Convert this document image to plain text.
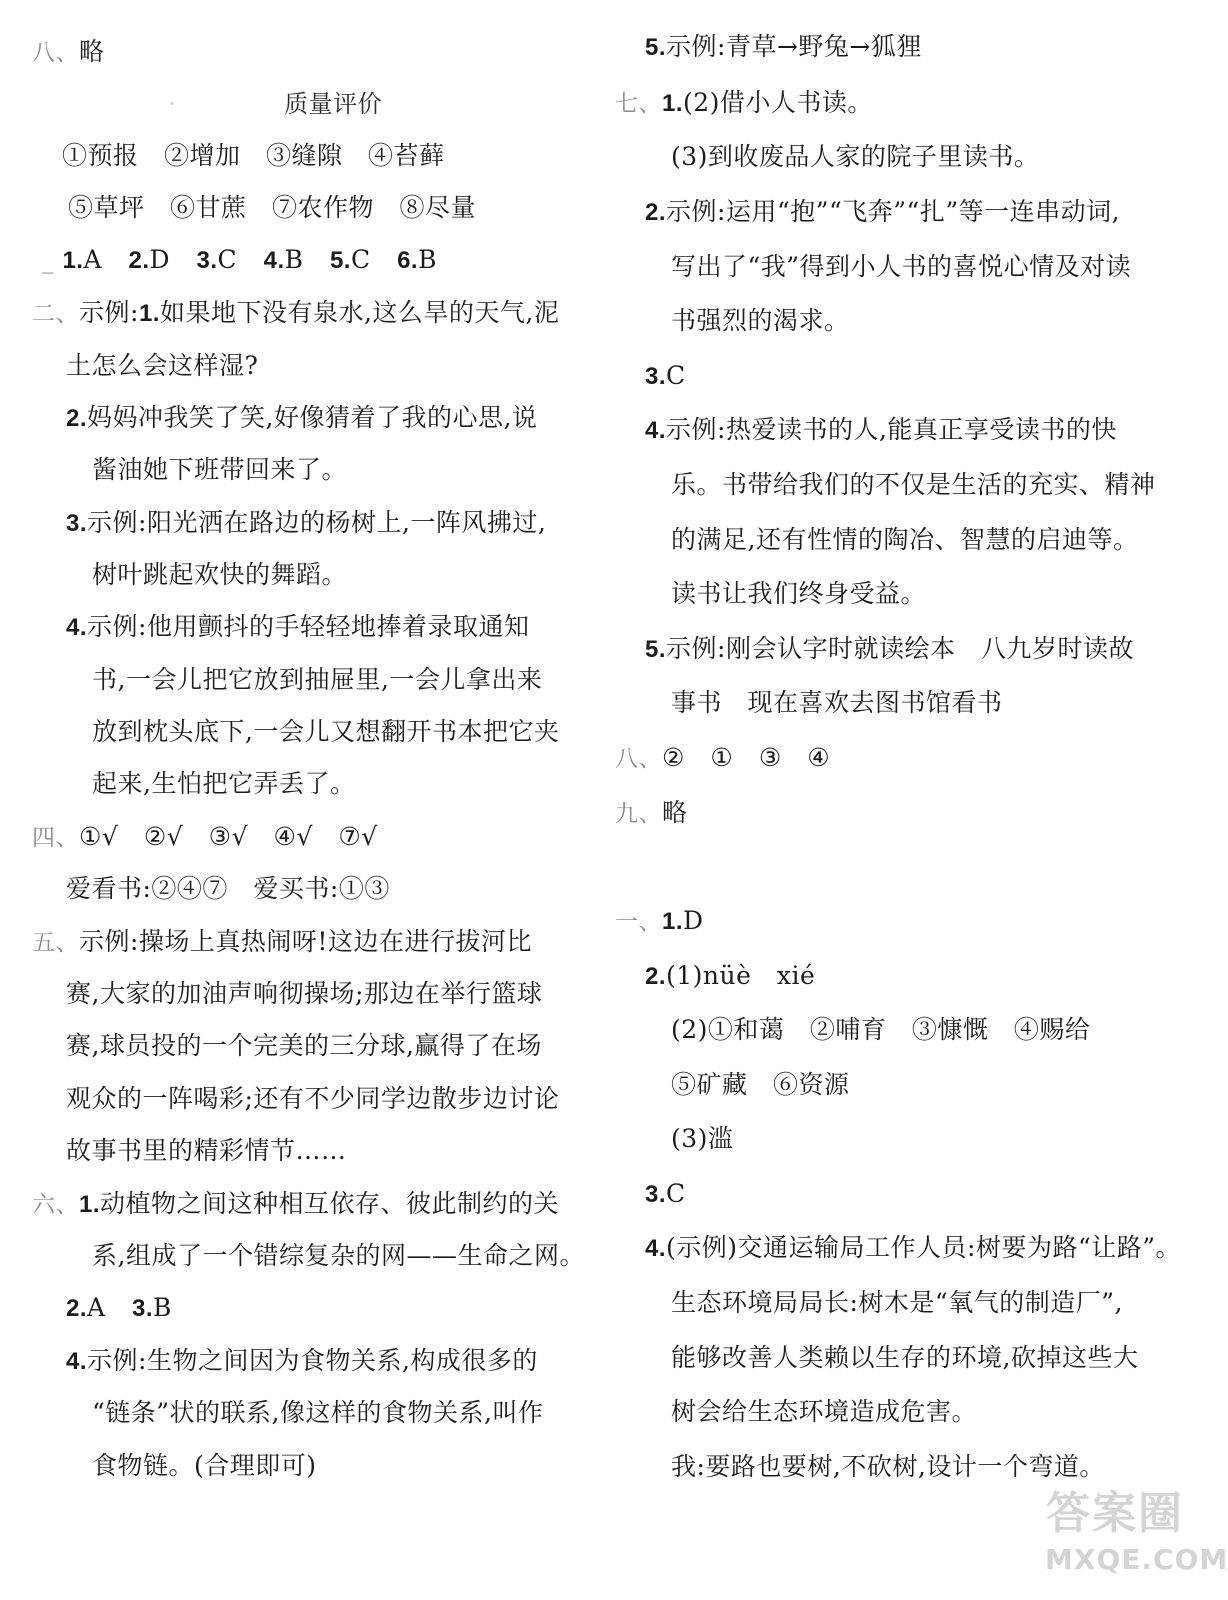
八、略
·	质量评价
①预报　②增加　③缝隙　④苔藓
⑤草坪　⑥甘蔗　⑦农作物　⑧尽量
_ 1.A 2.D 3.C 4.B 5.C 6.B
二、示例:1.如果地下没有泉水,这么旱的天气,泥
土怎么会这样湿?
2.妈妈冲我笑了笑,好像猜着了我的心思,说
酱油她下班带回来了。
3.示例:阳光洒在路边的杨树上,一阵风拂过,
树叶跳起欢快的舞蹈。
4.示例:他用颤抖的手轻轻地捧着录取通知
书,一会儿把它放到抽屉里,一会儿拿出来
放到枕头底下,一会儿又想翻开书本把它夹
起来,生怕把它弄丢了。
四、①√　②√　③√　④√　⑦√
爱看书:②④⑦　爱买书:①③
五、示例:操场上真热闹呀!这边在进行拔河比
赛,大家的加油声响彻操场;那边在举行篮球
赛,球员投的一个完美的三分球,赢得了在场
观众的一阵喝彩;还有不少同学边散步边讨论
故事书里的精彩情节……
六、1.动植物之间这种相互依存、彼此制约的关
系,组成了一个错综复杂的网——生命之网。
2.A 3.B
4.示例:生物之间因为食物关系,构成很多的
“链条”状的联系,像这样的食物关系,叫作
食物链。(合理即可)
5.示例:青草→野兔→狐狸
七、1.(2)借小人书读。
(3)到收废品人家的院子里读书。
2.示例:运用“抱”“飞奔”“扎”等一连串动词,
写出了“我”得到小人书的喜悦心情及对读
书强烈的渴求。
3.C
4.示例:热爱读书的人,能真正享受读书的快
乐。书带给我们的不仅是生活的充实、精神
的满足,还有性情的陶冶、智慧的启迪等。
读书让我们终身受益。
5.示例:刚会认字时就读绘本　八九岁时读故
事书　现在喜欢去图书馆看书
八、②　①　③　④
九、略
一、1.D
2.(1)nüè　xié
(2)①和蔼　②哺育　③慷慨　④赐给
⑤矿藏　⑥资源
(3)滥
3.C
4.(示例)交通运输局工作人员:树要为路“让路”。
生态环境局局长:树木是“氧气的制造厂”,
能够改善人类赖以生存的环境,砍掉这些大
树会给生态环境造成危害。
我:要路也要树,不砍树,设计一个弯道。
答案圈
MXQE.COM
